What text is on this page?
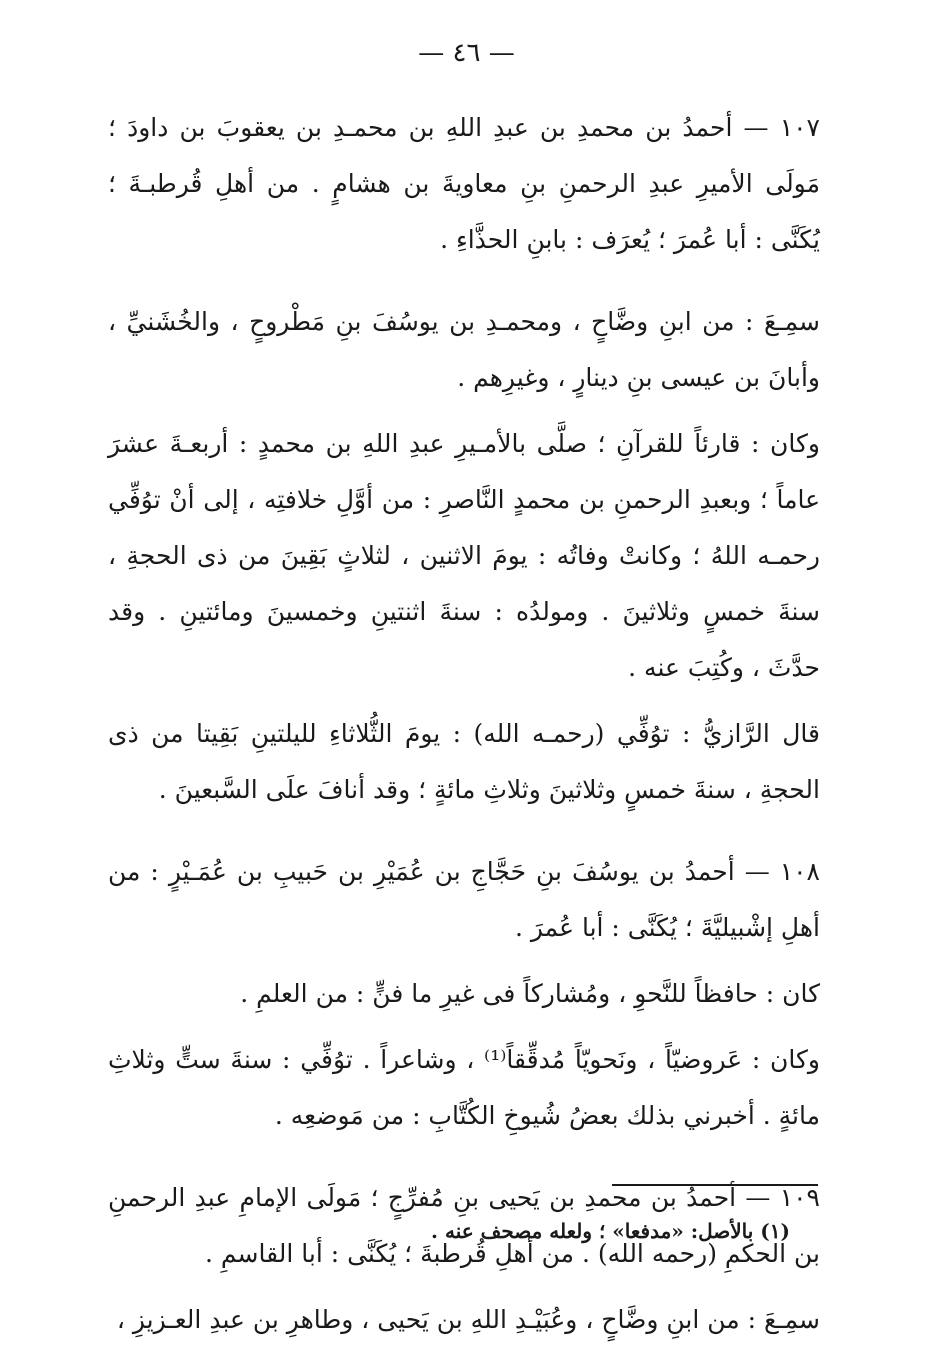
— ٤٦ —

١٠٧ — أحمدُ بن محمدِ بن عبدِ اللهِ بن محمـدِ بن يعقوبَ بن داودَ ؛ مَولَى الأميرِ عبدِ الرحمنِ بنِ معاويةَ بن هشامٍ . من أهلِ قُرطبـةَ ؛ يُكَنَّى : أبا عُمرَ ؛ يُعرَف : بابنِ الحذَّاءِ .

سمِـعَ : من ابنِ وضَّاحٍ ، ومحمـدِ بن يوسُفَ بنِ مَطْروحٍ ، والخُشَنيِّ ، وأبانَ بن عيسى بنِ دينارٍ ، وغيرِهم .

وكان : قارئاً للقرآنِ ؛ صلَّى بالأمـيرِ عبدِ اللهِ بن محمدٍ : أربعـةَ عشرَ عاماً ؛ وبعبدِ الرحمنِ بن محمدٍ النَّاصرِ : من أوَّلِ خلافتِه ، إلى أنْ توُفِّي رحمـه اللهُ ؛ وكانتْ وفاتُه : يومَ الاثنين ، لثلاثٍ بَقِينَ من ذى الحجةِ ، سنةَ خمسٍ وثلاثينَ . ومولدُه : سنةَ اثنتينِ وخمسينَ ومائتينِ . وقد حدَّثَ ، وكُتِبَ عنه .

قال الرَّازيُّ : توُفِّي (رحمـه الله) : يومَ الثُّلاثاءِ لليلتينِ بَقِيتا من ذى الحجةِ ، سنةَ خمسٍ وثلاثينَ وثلاثِ مائةٍ ؛ وقد أنافَ علَى السَّبعينَ .

١٠٨ — أحمدُ بن يوسُفَ بنِ حَجَّاجِ بن عُمَيْرِ بن حَبيبِ بن عُمَـيْرٍ : من أهلِ إشْبيليَّةَ ؛ يُكَنَّى : أبا عُمرَ .

كان : حافظاً للنَّحوِ ، ومُشاركاً فى غيرِ ما فنٍّ : من العلمِ .

وكان : عَروضيّاً ، ونَحويّاً مُدقِّقاً⁽¹⁾ ، وشاعراً . توُفِّي : سنةَ ستٍّ وثلاثِ مائةٍ . أخبرني بذلك بعضُ شُيوخِ الكُتَّابِ : من مَوضعِه .

١٠٩ — أحمدُ بن محمدِ بن يَحيى بنِ مُفرِّجٍ ؛ مَولَى الإمامِ عبدِ الرحمنِ بن الحكمِ (رحمه الله) . من أهلِ قُرطبةَ ؛ يُكَنَّى : أبا القاسمِ .

سمِـعَ : من ابنِ وضَّاحٍ ، وعُبَيْـدِ اللهِ بن يَحيى ، وطاهرِ بن عبدِ العـزيزِ ،

(١) بالأصل: «مدفعا» ؛ ولعله مصحف عنه .
